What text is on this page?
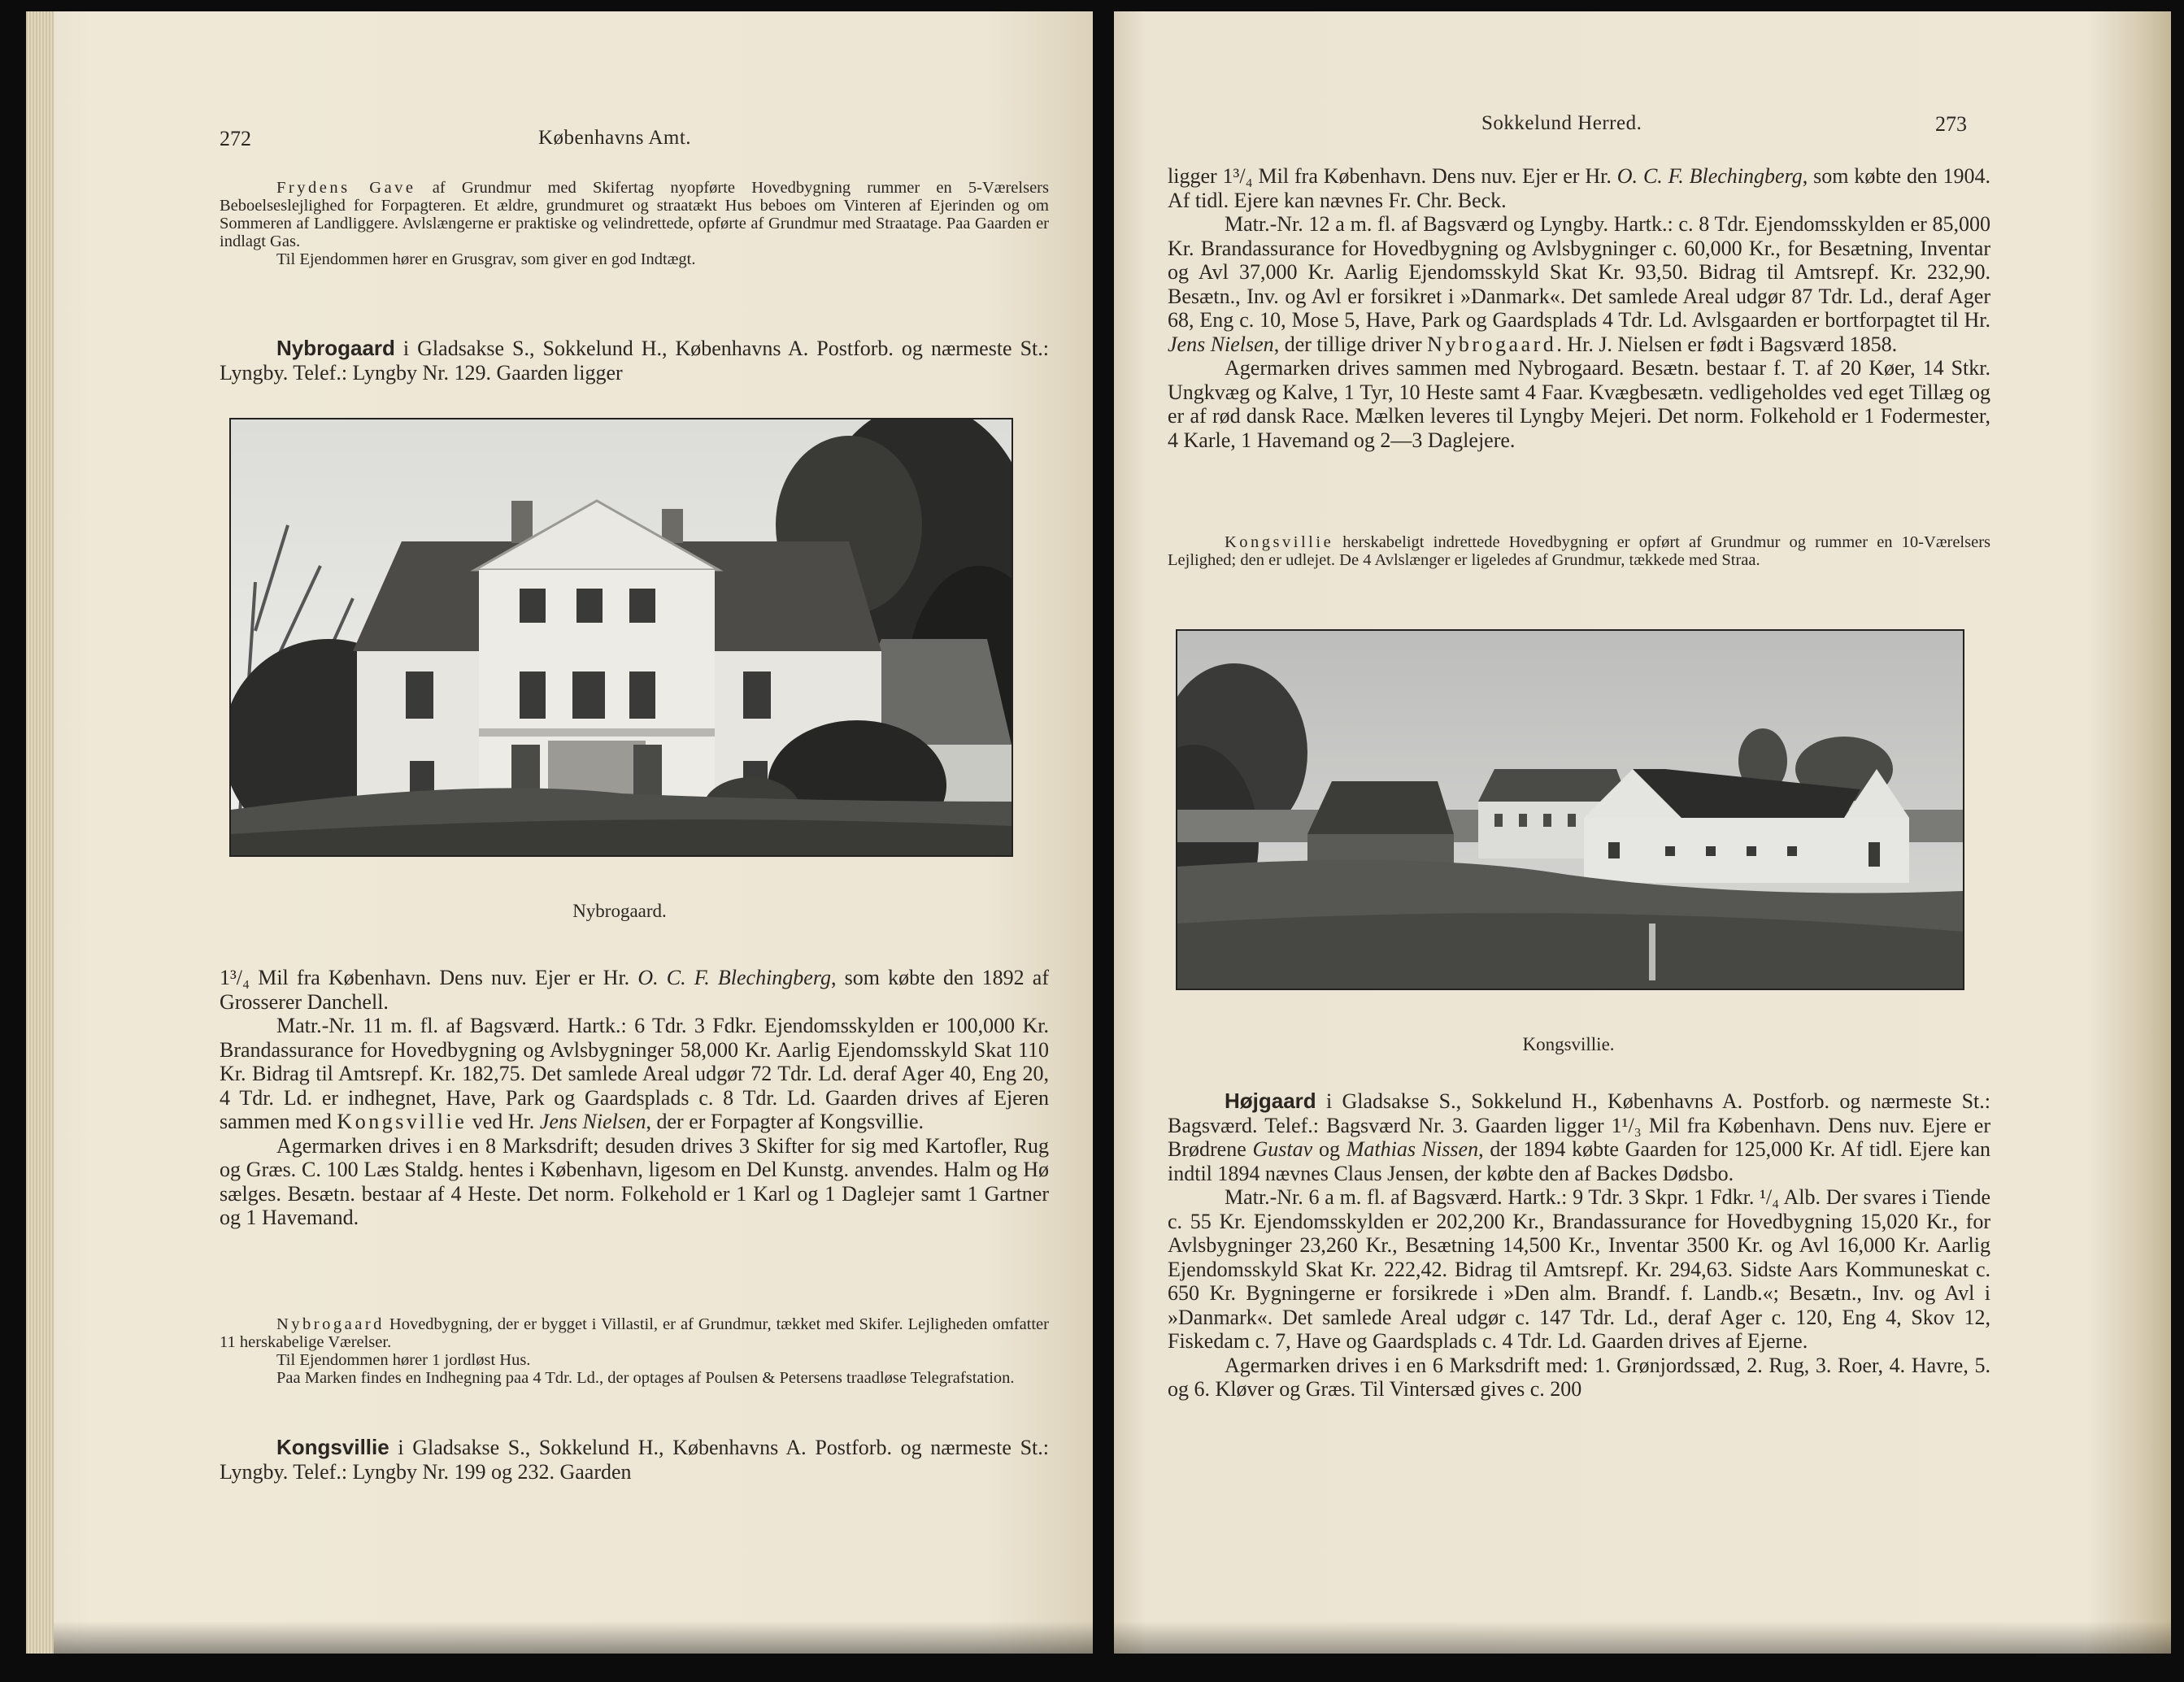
272	Københavns Amt.

Frydens Gave af Grundmur med Skifertag nyopførte Hovedbygning rummer en 5-Værelsers Beboelseslejlighed for Forpagteren. Et ældre, grundmuret og straatækt Hus beboes om Vinteren af Ejerinden og om Sommeren af Landliggere. Avlslængerne er praktiske og velindrettede, opførte af Grundmur med Straatage. Paa Gaarden er indlagt Gas.

Til Ejendommen hører en Grusgrav, som giver en god Indtægt.

Nybrogaard i Gladsakse S., Sokkelund H., Københavns A. Postforb. og nærmeste St.: Lyngby. Telef.: Lyngby Nr. 129. Gaarden ligger

Nybrogaard.

1³/₄ Mil fra København. Dens nuv. Ejer er Hr. O. C. F. Blechingberg, som købte den 1892 af Grosserer Danchell.

Matr.-Nr. 11 m. fl. af Bagsværd. Hartk.: 6 Tdr. 3 Fdkr. Ejendomsskylden er 100,000 Kr. Brandassurance for Hovedbygning og Avlsbygninger 58,000 Kr. Aarlig Ejendomsskyld Skat 110 Kr. Bidrag til Amtsrepf. Kr. 182,75. Det samlede Areal udgør 72 Tdr. Ld. deraf Ager 40, Eng 20, 4 Tdr. Ld. er indhegnet, Have, Park og Gaardsplads c. 8 Tdr. Ld. Gaarden drives af Ejeren sammen med Kongsvillie ved Hr. Jens Nielsen, der er Forpagter af Kongsvillie.

Agermarken drives i en 8 Marksdrift; desuden drives 3 Skifter for sig med Kartofler, Rug og Græs. C. 100 Læs Staldg. hentes i København, ligesom en Del Kunstg. anvendes. Halm og Hø sælges. Besætn. bestaar af 4 Heste. Det norm. Folkehold er 1 Karl og 1 Daglejer samt 1 Gartner og 1 Havemand.

Nybrogaard Hovedbygning, der er bygget i Villastil, er af Grundmur, tækket med Skifer. Lejligheden omfatter 11 herskabelige Værelser.

Til Ejendommen hører 1 jordløst Hus.

Paa Marken findes en Indhegning paa 4 Tdr. Ld., der optages af Poulsen & Petersens traadløse Telegrafstation.

Kongsvillie i Gladsakse S., Sokkelund H., Københavns A. Postforb. og nærmeste St.: Lyngby. Telef.: Lyngby Nr. 199 og 232. Gaarden

Sokkelund Herred.	273

ligger 1³/₄ Mil fra København. Dens nuv. Ejer er Hr. O. C. F. Blechingberg, som købte den 1904. Af tidl. Ejere kan nævnes Fr. Chr. Beck.

Matr.-Nr. 12 a m. fl. af Bagsværd og Lyngby. Hartk.: c. 8 Tdr. Ejendomsskylden er 85,000 Kr. Brandassurance for Hovedbygning og Avlsbygninger c. 60,000 Kr., for Besætning, Inventar og Avl 37,000 Kr. Aarlig Ejendomsskyld Skat Kr. 93,50. Bidrag til Amtsrepf. Kr. 232,90. Besætn., Inv. og Avl er forsikret i »Danmark«. Det samlede Areal udgør 87 Tdr. Ld., deraf Ager 68, Eng c. 10, Mose 5, Have, Park og Gaardsplads 4 Tdr. Ld. Avlsgaarden er bortforpagtet til Hr. Jens Nielsen, der tillige driver Nybrogaard. Hr. J. Nielsen er født i Bagsværd 1858.

Agermarken drives sammen med Nybrogaard. Besætn. bestaar f. T. af 20 Køer, 14 Stkr. Ungkvæg og Kalve, 1 Tyr, 10 Heste samt 4 Faar. Kvægbesætn. vedligeholdes ved eget Tillæg og er af rød dansk Race. Mælken leveres til Lyngby Mejeri. Det norm. Folkehold er 1 Fodermester, 4 Karle, 1 Havemand og 2—3 Daglejere.

Kongsvillie herskabeligt indrettede Hovedbygning er opført af Grundmur og rummer en 10-Værelsers Lejlighed; den er udlejet. De 4 Avlslænger er ligeledes af Grundmur, tækkede med Straa.

Kongsvillie.

Højgaard i Gladsakse S., Sokkelund H., Københavns A. Postforb. og nærmeste St.: Bagsværd. Telef.: Bagsværd Nr. 3. Gaarden ligger 1¹/₃ Mil fra København. Dens nuv. Ejere er Brødrene Gustav og Mathias Nissen, der 1894 købte Gaarden for 125,000 Kr. Af tidl. Ejere kan indtil 1894 nævnes Claus Jensen, der købte den af Backes Dødsbo.

Matr.-Nr. 6 a m. fl. af Bagsværd. Hartk.: 9 Tdr. 3 Skpr. 1 Fdkr. ¹/₄ Alb. Der svares i Tiende c. 55 Kr. Ejendomsskylden er 202,200 Kr., Brandassurance for Hovedbygning 15,020 Kr., for Avlsbygninger 23,260 Kr., Besætning 14,500 Kr., Inventar 3500 Kr. og Avl 16,000 Kr. Aarlig Ejendomsskyld Skat Kr. 222,42. Bidrag til Amtsrepf. Kr. 294,63. Sidste Aars Kommuneskat c. 650 Kr. Bygningerne er forsikrede i »Den alm. Brandf. f. Landb.«; Besætn., Inv. og Avl i »Danmark«. Det samlede Areal udgør c. 147 Tdr. Ld., deraf Ager c. 120, Eng 4, Skov 12, Fiskedam c. 7, Have og Gaardsplads c. 4 Tdr. Ld. Gaarden drives af Ejerne.

Agermarken drives i en 6 Marksdrift med: 1. Grønjordssæd, 2. Rug, 3. Roer, 4. Havre, 5. og 6. Kløver og Græs. Til Vintersæd gives c. 200
